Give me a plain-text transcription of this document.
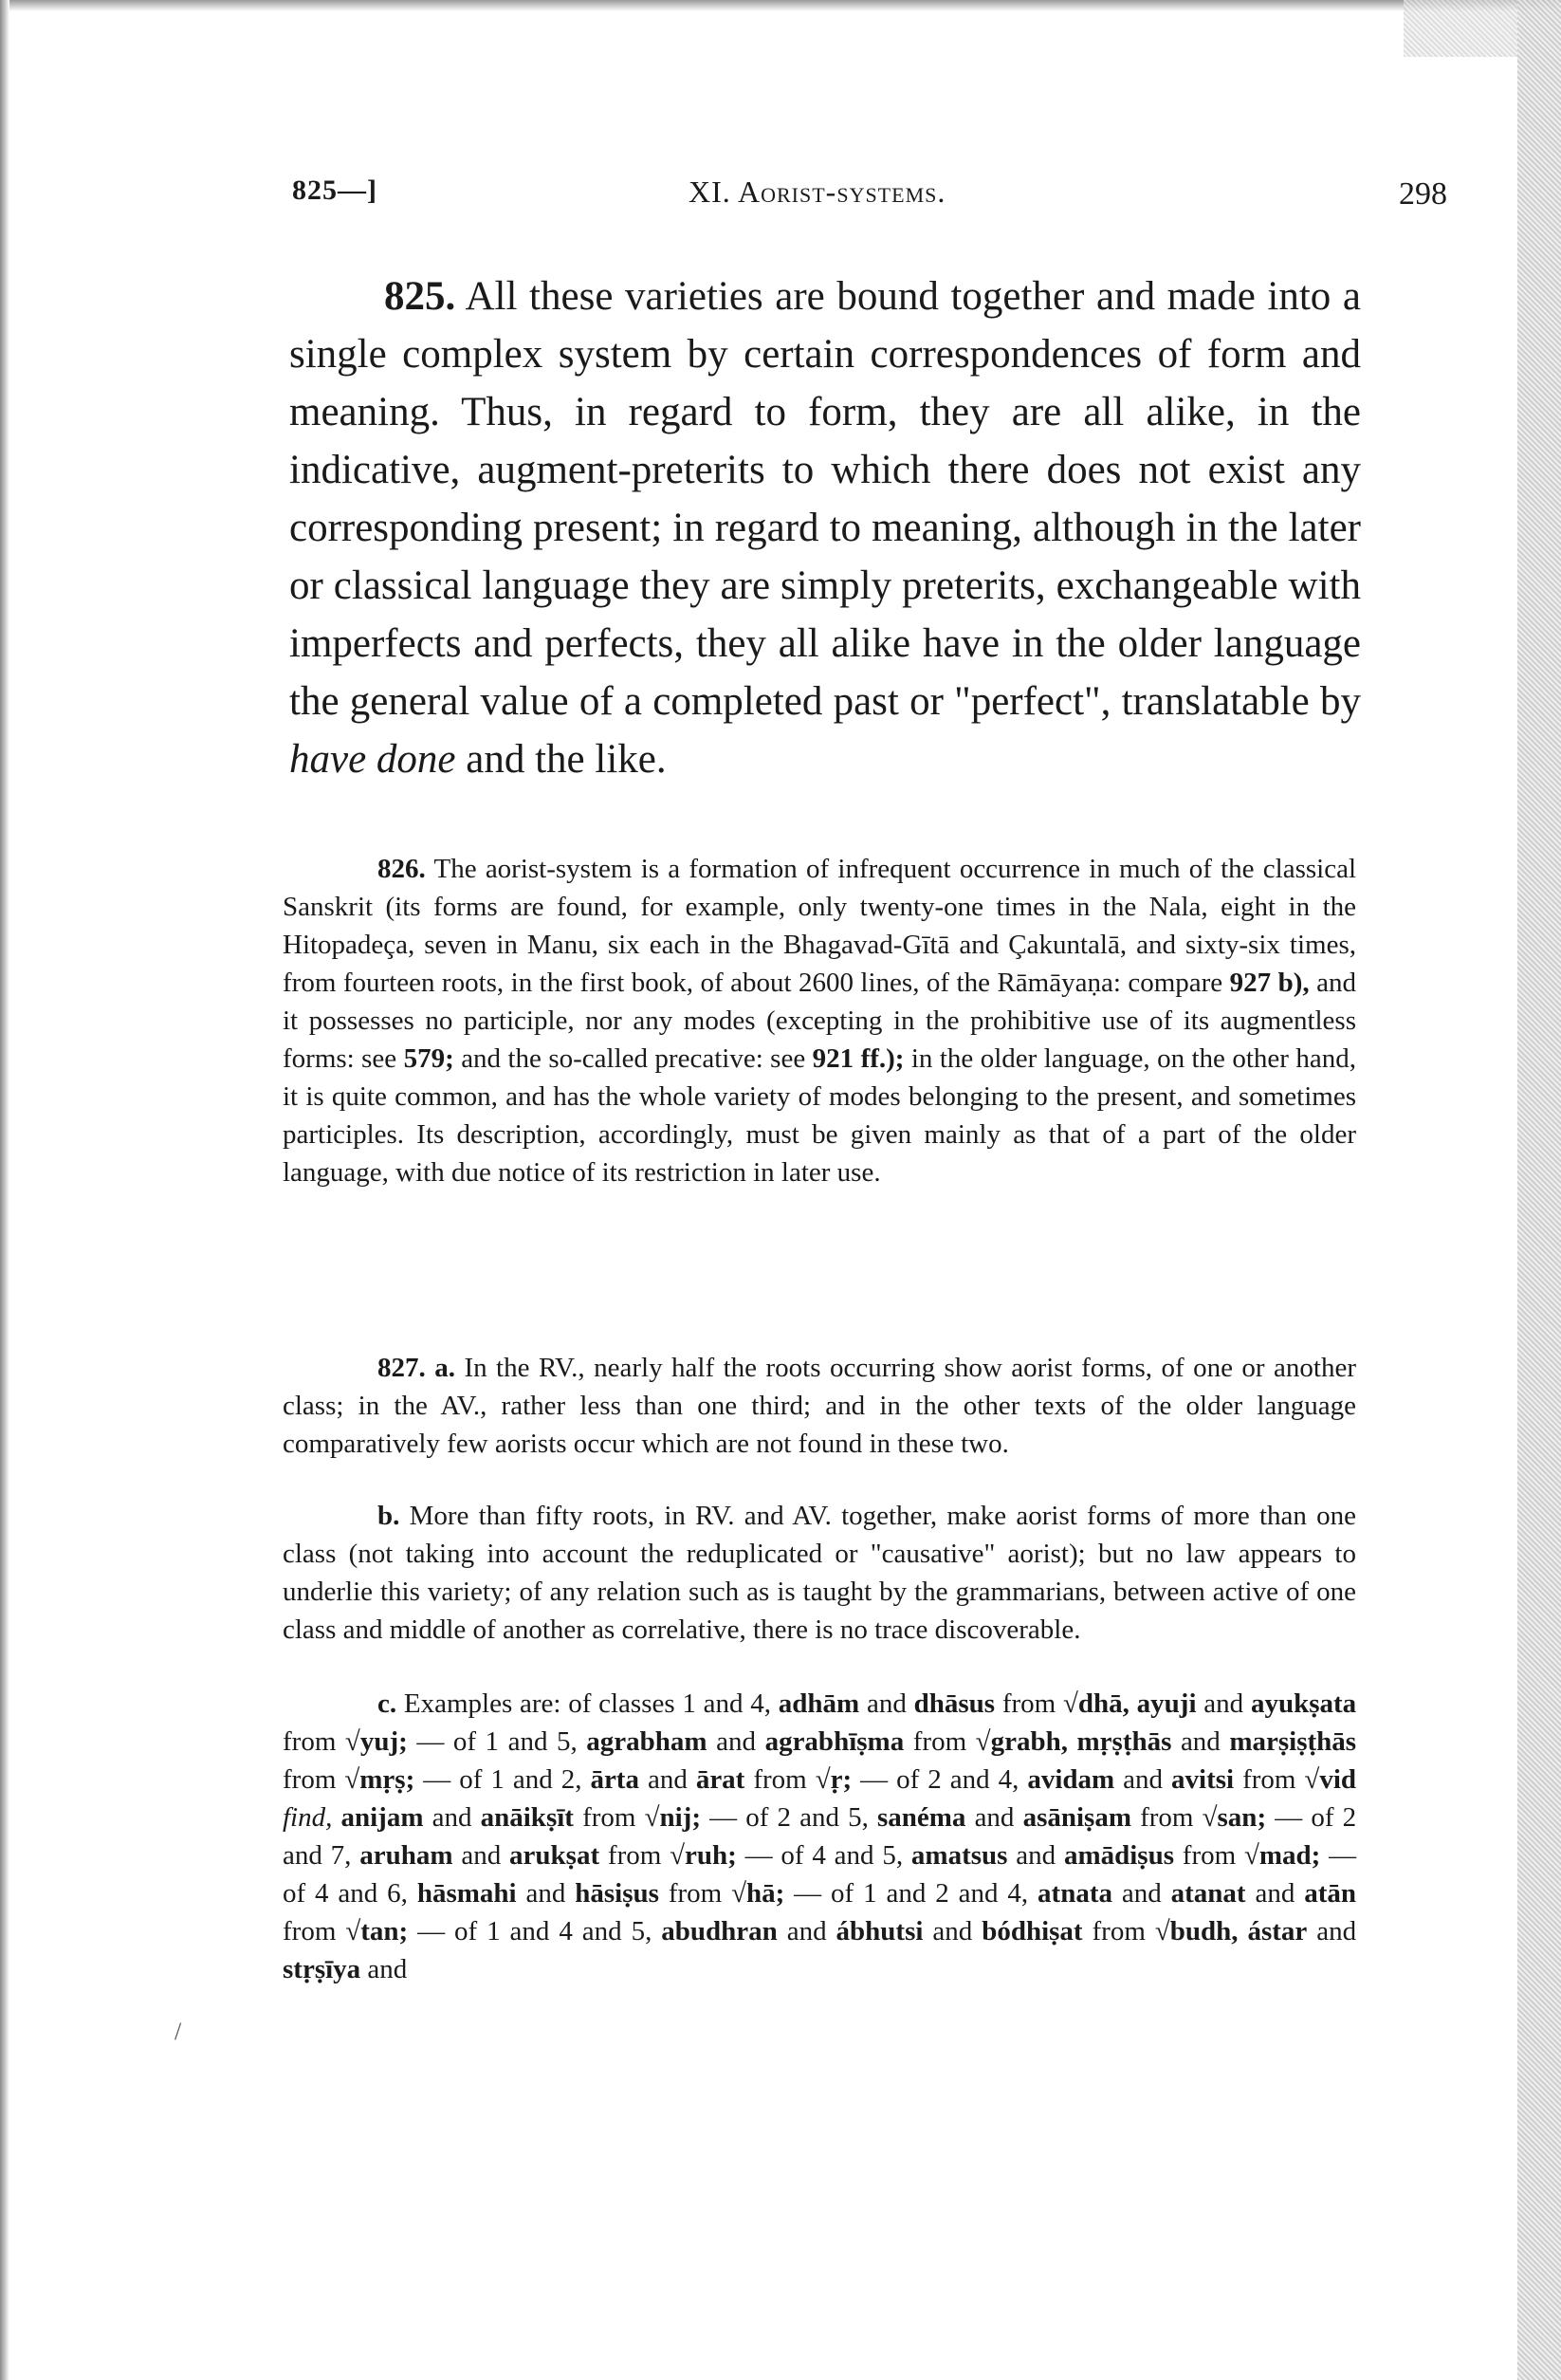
825—]	XI. Aorist-systems.	298
825. All these varieties are bound together and made into a single complex system by certain correspondences of form and meaning. Thus, in regard to form, they are all alike, in the indicative, augment-preterits to which there does not exist any corresponding present; in regard to meaning, although in the later or classical language they are simply preterits, exchangeable with imperfects and perfects, they all alike have in the older language the general value of a completed past or "perfect", translatable by have done and the like.
826. The aorist-system is a formation of infrequent occurrence in much of the classical Sanskrit (its forms are found, for example, only twenty-one times in the Nala, eight in the Hitopadeça, seven in Manu, six each in the Bhagavad-Gītā and Çakuntalā, and sixty-six times, from fourteen roots, in the first book, of about 2600 lines, of the Rāmāyaṇa: compare 927 b), and it possesses no participle, nor any modes (excepting in the prohibitive use of its augmentless forms: see 579; and the so-called precative: see 921 ff.); in the older language, on the other hand, it is quite common, and has the whole variety of modes belonging to the present, and sometimes participles. Its description, accordingly, must be given mainly as that of a part of the older language, with due notice of its restriction in later use.
827. a. In the RV., nearly half the roots occurring show aorist forms, of one or another class; in the AV., rather less than one third; and in the other texts of the older language comparatively few aorists occur which are not found in these two.
b. More than fifty roots, in RV. and AV. together, make aorist forms of more than one class (not taking into account the reduplicated or "causative" aorist); but no law appears to underlie this variety; of any relation such as is taught by the grammarians, between active of one class and middle of another as correlative, there is no trace discoverable.
c. Examples are: of classes 1 and 4, adhām and dhāsus from √dhā, ayuji and ayukṣata from √yuj; — of 1 and 5, agrabham and agrabhīṣma from √grabh, mṛṣṭhās and marṣiṣṭhās from √mṛṣ; — of 1 and 2, ārta and ārat from √ṛ; — of 2 and 4, avidam and avitsi from √vid find, anijam and anāikṣīt from √nij; — of 2 and 5, sanéma and asāniṣam from √san; — of 2 and 7, aruham and arukṣat from √ruh; — of 4 and 5, amatsus and amādiṣus from √mad; — of 4 and 6, hāsmahi and hāsiṣus from √hā; — of 1 and 2 and 4, atnata and atanat and atān from √tan; — of 1 and 4 and 5, abudhran and ábhutsi and bódhiṣat from √budh, ástar and stṛṣīya and
/
